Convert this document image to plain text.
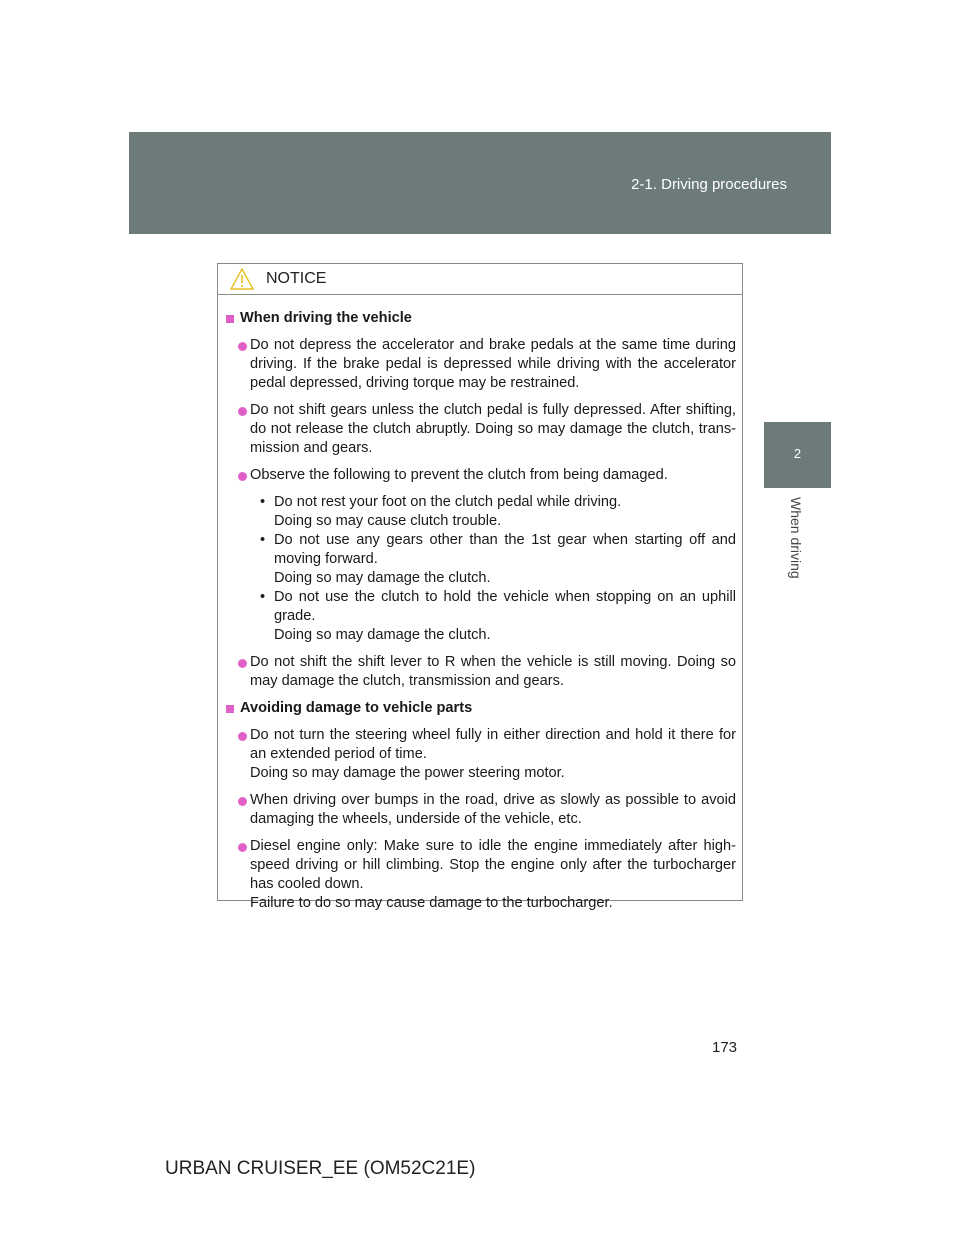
2-1. Driving procedures
2
When driving
NOTICE
When driving the vehicle
Do not depress the accelerator and brake pedals at the same time during driving. If the brake pedal is depressed while driving with the accelerator pedal depressed, driving torque may be restrained.
Do not shift gears unless the clutch pedal is fully depressed. After shifting, do not release the clutch abruptly. Doing so may damage the clutch, trans-mission and gears.
Observe the following to prevent the clutch from being damaged.
• Do not rest your foot on the clutch pedal while driving.
Doing so may cause clutch trouble.
• Do not use any gears other than the 1st gear when starting off and moving forward.
Doing so may damage the clutch.
• Do not use the clutch to hold the vehicle when stopping on an uphill grade.
Doing so may damage the clutch.
Do not shift the shift lever to R when the vehicle is still moving. Doing so may damage the clutch, transmission and gears.
Avoiding damage to vehicle parts
Do not turn the steering wheel fully in either direction and hold it there for an extended period of time.
Doing so may damage the power steering motor.
When driving over bumps in the road, drive as slowly as possible to avoid damaging the wheels, underside of the vehicle, etc.
Diesel engine only: Make sure to idle the engine immediately after high-speed driving or hill climbing. Stop the engine only after the turbocharger has cooled down.
Failure to do so may cause damage to the turbocharger.
173
URBAN CRUISER_EE (OM52C21E)
